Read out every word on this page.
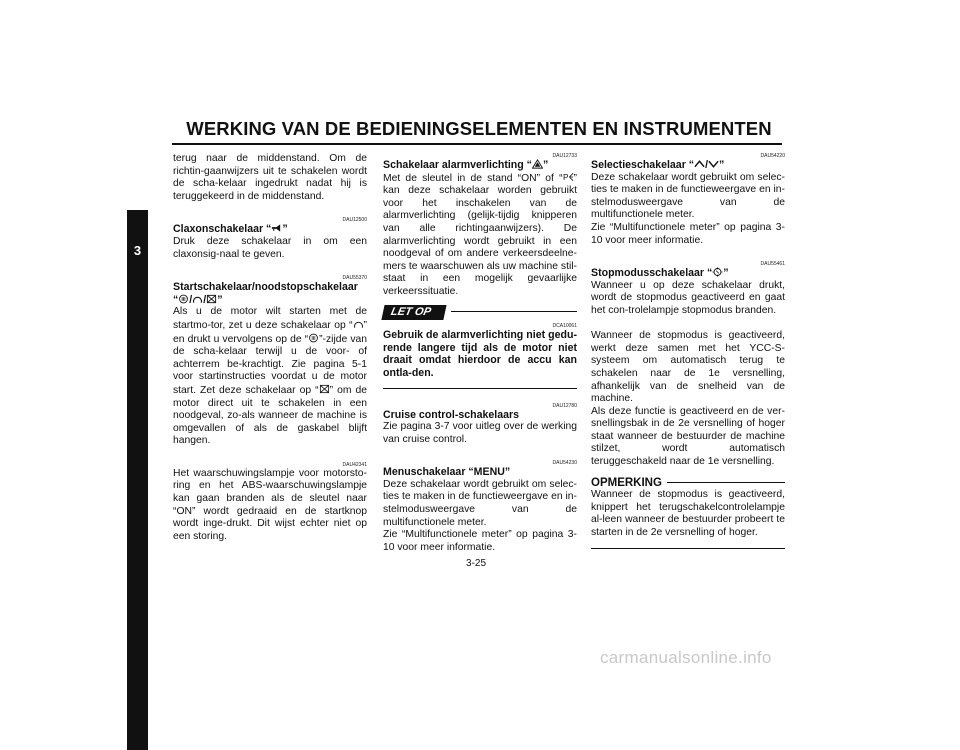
WERKING VAN DE BEDIENINGSELEMENTEN EN INSTRUMENTEN
3

terug naar de middenstand. Om de richtin-gaanwijzers uit te schakelen wordt de scha-kelaar ingedrukt nadat hij is teruggekeerd in de middenstand.

DAU12500

Claxonschakelaar “ ”

Druk deze schakelaar in om een claxonsig-naal te geven.

DAU55370

Startschakelaar/noodstopschakelaar

“ / / ”

Als u de motor wilt starten met de startmo-tor, zet u deze schakelaar op “ ” en drukt u vervolgens op de “ ”-zijde van de scha-kelaar terwijl u de voor- of achterrem be-krachtigt. Zie pagina 5-1 voor startinstructies voordat u de motor start. Zet deze schakelaar op “ ” om de motor direct uit te schakelen in een noodgeval, zo-als wanneer de machine is omgevallen of als de gaskabel blijft hangen.

DAU42341

Het waarschuwingslampje voor motorsto-ring en het ABS-waarschuwingslampje kan gaan branden als de sleutel naar “ON” wordt gedraaid en de startknop wordt inge-drukt. Dit wijst echter niet op een storing.

DAU12733

Schakelaar alarmverlichting “ ”

Met de sleutel in de stand “ON” of “ P ” kan deze schakelaar worden gebruikt voor het inschakelen van de alarmverlichting (gelijk-tijdig knipperen van alle richtingaanwijzers). De alarmverlichting wordt gebruikt in een noodgeval of om andere verkeersdeelne-mers te waarschuwen als uw machine stil-staat in een mogelijk gevaarlijke verkeerssituatie.

LET OP
DCA10061

Gebruik de alarmverlichting niet gedu-rende langere tijd als de motor niet draait omdat hierdoor de accu kan ontla-den.

DAU12780

Cruise control-schakelaars

Zie pagina 3-7 voor uitleg over de werking van cruise control.

DAU54230

Menuschakelaar “MENU”

Deze schakelaar wordt gebruikt om selec-ties te maken in de functieweergave en in-stelmodusweergave van de multifunctionele meter.

Zie “Multifunctionele meter” op pagina 3-10 voor meer informatie.

DAU54220

Selectieschakelaar “ / ”

Deze schakelaar wordt gebruikt om selec-ties te maken in de functieweergave en in-stelmodusweergave van de multifunctionele meter.

Zie “Multifunctionele meter” op pagina 3-10 voor meer informatie.

DAU55461

Stopmodusschakelaar “ ”

Wanneer u op deze schakelaar drukt, wordt de stopmodus geactiveerd en gaat het con-trolelampje stopmodus branden.

Wanneer de stopmodus is geactiveerd, werkt deze samen met het YCC-S-systeem om automatisch terug te schakelen naar de 1e versnelling, afhankelijk van de snelheid van de machine.

Als deze functie is geactiveerd en de ver-snellingsbak in de 2e versnelling of hoger staat wanneer de bestuurder de machine stilzet, wordt automatisch teruggeschakeld naar de 1e versnelling.

OPMERKING

Wanneer de stopmodus is geactiveerd, knippert het terugschakelcontrolelampje al-leen wanneer de bestuurder probeert te starten in de 2e versnelling of hoger.

3-25
carmanualsonline.info
